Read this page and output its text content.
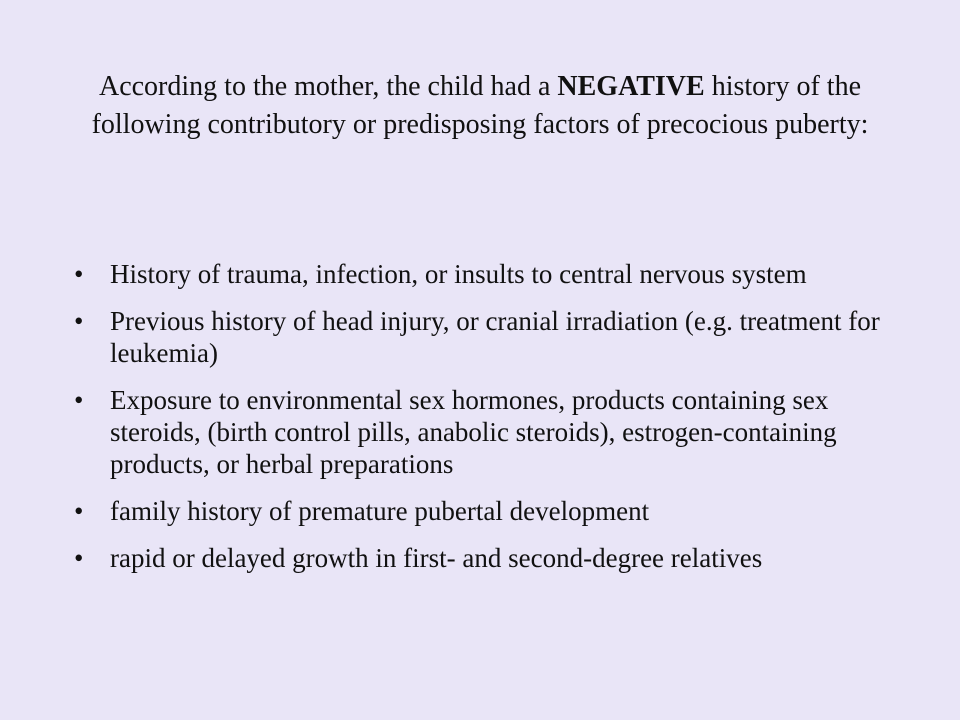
According to the mother, the child had a NEGATIVE history of the following contributory or predisposing factors of precocious puberty:
• History of trauma, infection, or insults to central nervous system
• Previous history of head injury, or cranial irradiation (e.g. treatment for leukemia)
• Exposure to environmental sex hormones, products containing sex steroids, (birth control pills, anabolic steroids), estrogen-containing products, or herbal preparations
• family history of premature pubertal development
• rapid or delayed growth in first- and second-degree relatives
